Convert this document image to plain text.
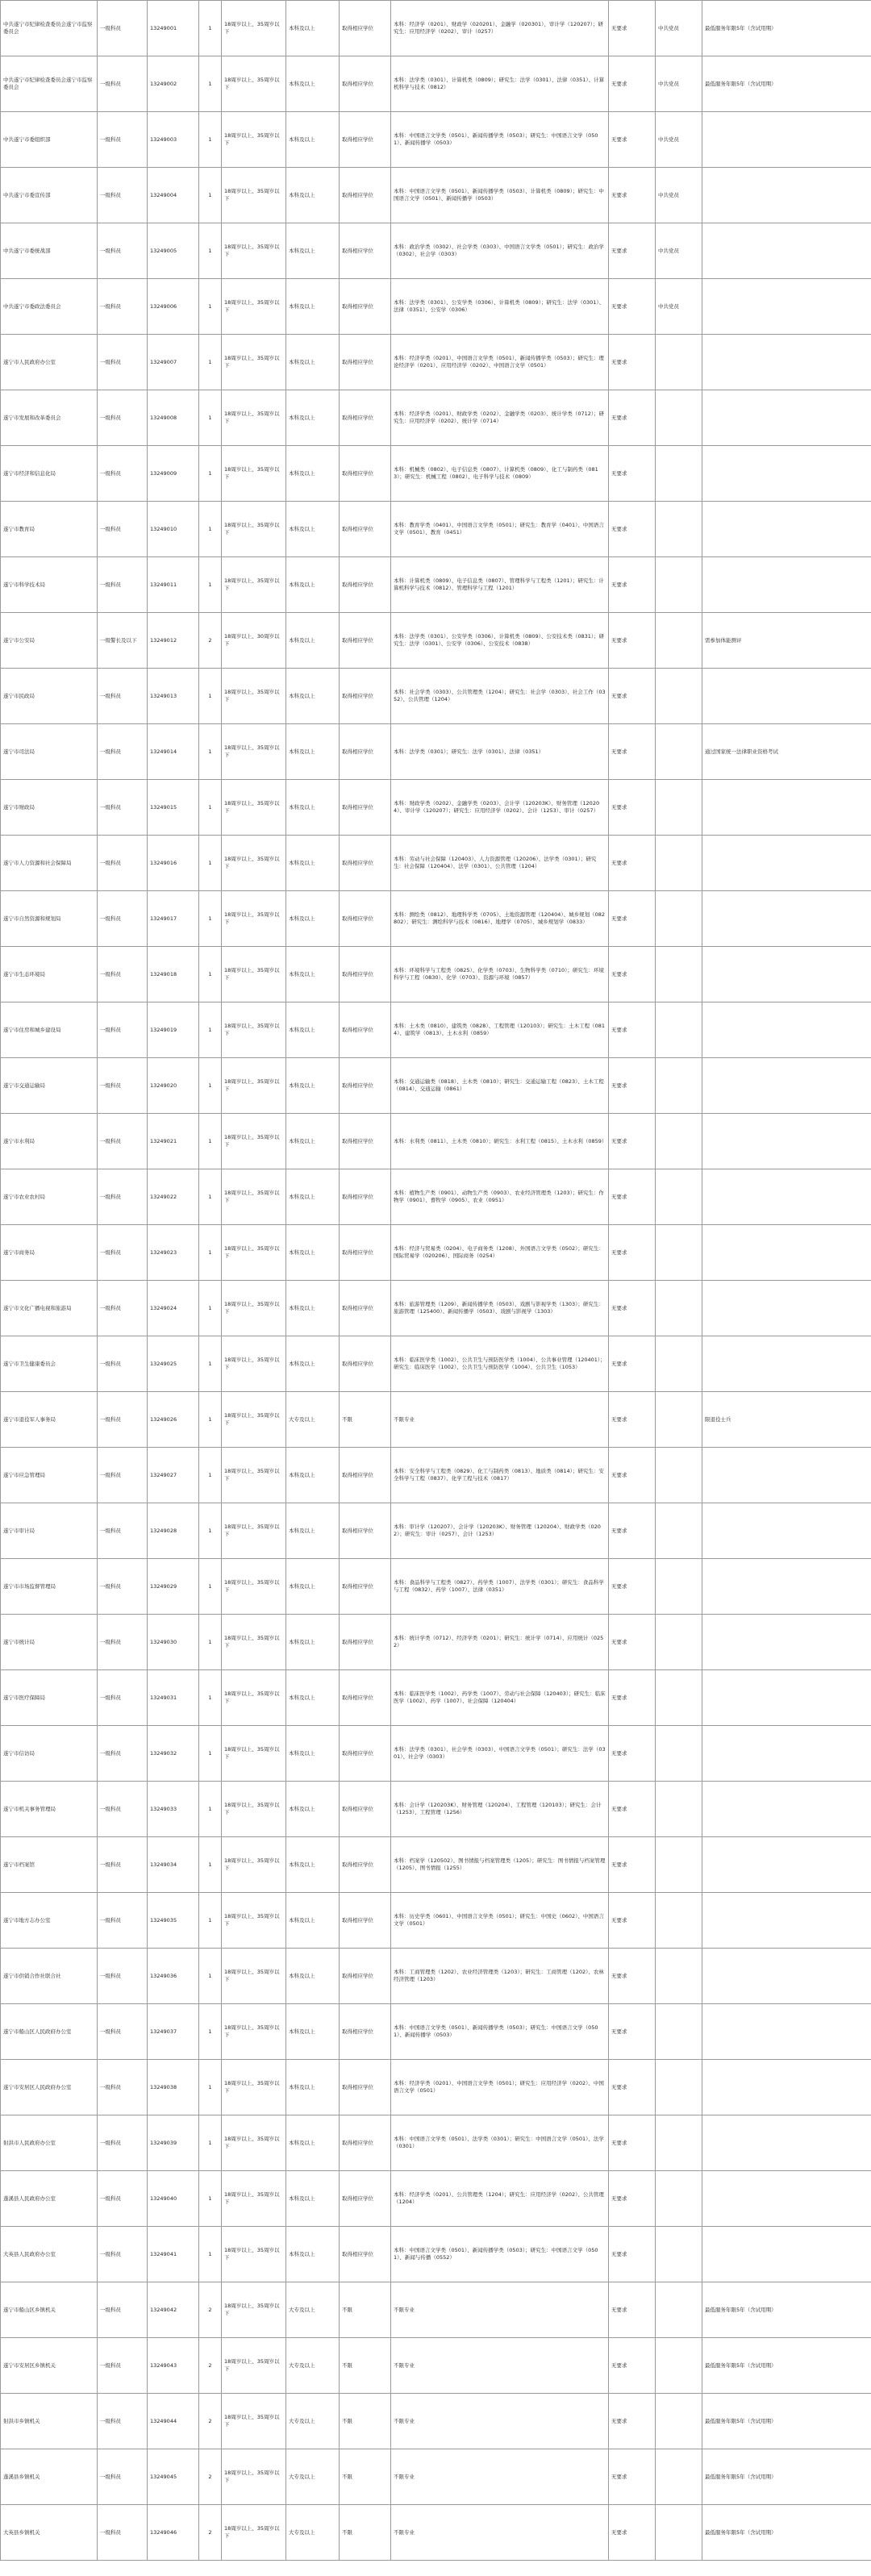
中共遂宁市纪律检查委员会遂宁市监察委员会	一级科员	13249001	1	18周岁以上、35周岁以下	本科及以上	取得相应学位	本科：经济学（0201）、财政学（020201）、金融学（020301）、审计学（120207）；研究生：应用经济学（0202）、审计（0257）	无要求	中共党员	最低服务年限5年（含试用期）
中共遂宁市纪律检查委员会遂宁市监察委员会	一级科员	13249002	1	18周岁以上、35周岁以下	本科及以上	取得相应学位	本科：法学类（0301）、计算机类（0809）；研究生：法学（0301）、法律（0351）、计算机科学与技术（0812）	无要求	中共党员	最低服务年限5年（含试用期）
中共遂宁市委组织部	一级科员	13249003	1	18周岁以上、35周岁以下	本科及以上	取得相应学位	本科：中国语言文学类（0501）、新闻传播学类（0503）；研究生：中国语言文学（0501）、新闻传播学（0503）	无要求	中共党员	
中共遂宁市委宣传部	一级科员	13249004	1	18周岁以上、35周岁以下	本科及以上	取得相应学位	本科：中国语言文学类（0501）、新闻传播学类（0503）、计算机类（0809）；研究生：中国语言文学（0501）、新闻传播学（0503）	无要求	中共党员	
中共遂宁市委统战部	一级科员	13249005	1	18周岁以上、35周岁以下	本科及以上	取得相应学位	本科：政治学类（0302）、社会学类（0303）、中国语言文学类（0501）；研究生：政治学（0302）、社会学（0303）	无要求	中共党员	
中共遂宁市委政法委员会	一级科员	13249006	1	18周岁以上、35周岁以下	本科及以上	取得相应学位	本科：法学类（0301）、公安学类（0306）、计算机类（0809）；研究生：法学（0301）、法律（0351）、公安学（0306）	无要求	中共党员	
遂宁市人民政府办公室	一级科员	13249007	1	18周岁以上、35周岁以下	本科及以上	取得相应学位	本科：经济学类（0201）、中国语言文学类（0501）、新闻传播学类（0503）；研究生：理论经济学（0201）、应用经济学（0202）、中国语言文学（0501）	无要求		
遂宁市发展和改革委员会	一级科员	13249008	1	18周岁以上、35周岁以下	本科及以上	取得相应学位	本科：经济学类（0201）、财政学类（0202）、金融学类（0203）、统计学类（0712）；研究生：应用经济学（0202）、统计学（0714）	无要求		
遂宁市经济和信息化局	一级科员	13249009	1	18周岁以上、35周岁以下	本科及以上	取得相应学位	本科：机械类（0802）、电子信息类（0807）、计算机类（0809）、化工与制药类（0813）；研究生：机械工程（0802）、电子科学与技术（0809）	无要求		
遂宁市教育局	一级科员	13249010	1	18周岁以上、35周岁以下	本科及以上	取得相应学位	本科：教育学类（0401）、中国语言文学类（0501）；研究生：教育学（0401）、中国语言文学（0501）、教育（0451）	无要求		
遂宁市科学技术局	一级科员	13249011	1	18周岁以上、35周岁以下	本科及以上	取得相应学位	本科：计算机类（0809）、电子信息类（0807）、管理科学与工程类（1201）；研究生：计算机科学与技术（0812）、管理科学与工程（1201）	无要求		
遂宁市公安局	一级警长及以下	13249012	2	18周岁以上、30周岁以下	本科及以上	取得相应学位	本科：法学类（0301）、公安学类（0306）、计算机类（0809）、公安技术类（0831）；研究生：法学（0301）、公安学（0306）、公安技术（0838）	无要求		需参加体能测评
遂宁市民政局	一级科员	13249013	1	18周岁以上、35周岁以下	本科及以上	取得相应学位	本科：社会学类（0303）、公共管理类（1204）；研究生：社会学（0303）、社会工作（0352）、公共管理（1204）	无要求		
遂宁市司法局	一级科员	13249014	1	18周岁以上、35周岁以下	本科及以上	取得相应学位	本科：法学类（0301）；研究生：法学（0301）、法律（0351）	无要求		通过国家统一法律职业资格考试
遂宁市财政局	一级科员	13249015	1	18周岁以上、35周岁以下	本科及以上	取得相应学位	本科：财政学类（0202）、金融学类（0203）、会计学（120203K）、财务管理（120204）、审计学（120207）；研究生：应用经济学（0202）、会计（1253）、审计（0257）	无要求		
遂宁市人力资源和社会保障局	一级科员	13249016	1	18周岁以上、35周岁以下	本科及以上	取得相应学位	本科：劳动与社会保障（120403）、人力资源管理（120206）、法学类（0301）；研究生：社会保障（120404）、法学（0301）、公共管理（1204）	无要求		
遂宁市自然资源和规划局	一级科员	13249017	1	18周岁以上、35周岁以下	本科及以上	取得相应学位	本科：测绘类（0812）、地理科学类（0705）、土地资源管理（120404）、城乡规划（082802）；研究生：测绘科学与技术（0816）、地理学（0705）、城乡规划学（0833）	无要求		
遂宁市生态环境局	一级科员	13249018	1	18周岁以上、35周岁以下	本科及以上	取得相应学位	本科：环境科学与工程类（0825）、化学类（0703）、生物科学类（0710）；研究生：环境科学与工程（0830）、化学（0703）、资源与环境（0857）	无要求		
遂宁市住房和城乡建设局	一级科员	13249019	1	18周岁以上、35周岁以下	本科及以上	取得相应学位	本科：土木类（0810）、建筑类（0828）、工程管理（120103）；研究生：土木工程（0814）、建筑学（0813）、土木水利（0859）	无要求		
遂宁市交通运输局	一级科员	13249020	1	18周岁以上、35周岁以下	本科及以上	取得相应学位	本科：交通运输类（0818）、土木类（0810）；研究生：交通运输工程（0823）、土木工程（0814）、交通运输（0861）	无要求		
遂宁市水利局	一级科员	13249021	1	18周岁以上、35周岁以下	本科及以上	取得相应学位	本科：水利类（0811）、土木类（0810）；研究生：水利工程（0815）、土木水利（0859）	无要求		
遂宁市农业农村局	一级科员	13249022	1	18周岁以上、35周岁以下	本科及以上	取得相应学位	本科：植物生产类（0901）、动物生产类（0903）、农业经济管理类（1203）；研究生：作物学（0901）、畜牧学（0905）、农业（0951）	无要求		
遂宁市商务局	一级科员	13249023	1	18周岁以上、35周岁以下	本科及以上	取得相应学位	本科：经济与贸易类（0204）、电子商务类（1208）、外国语言文学类（0502）；研究生：国际贸易学（020206）、国际商务（0254）	无要求		
遂宁市文化广播电视和旅游局	一级科员	13249024	1	18周岁以上、35周岁以下	本科及以上	取得相应学位	本科：旅游管理类（1209）、新闻传播学类（0503）、戏剧与影视学类（1303）；研究生：旅游管理（125400）、新闻传播学（0503）、戏剧与影视学（1303）	无要求		
遂宁市卫生健康委员会	一级科员	13249025	1	18周岁以上、35周岁以下	本科及以上	取得相应学位	本科：临床医学类（1002）、公共卫生与预防医学类（1004）、公共事业管理（120401）；研究生：临床医学（1002）、公共卫生与预防医学（1004）、公共卫生（1053）	无要求		
遂宁市退役军人事务局	一级科员	13249026	1	18周岁以上、35周岁以下	大专及以上	不限	不限专业	无要求		限退役士兵
遂宁市应急管理局	一级科员	13249027	1	18周岁以上、35周岁以下	本科及以上	取得相应学位	本科：安全科学与工程类（0829）、化工与制药类（0813）、地质类（0814）；研究生：安全科学与工程（0837）、化学工程与技术（0817）	无要求		
遂宁市审计局	一级科员	13249028	1	18周岁以上、35周岁以下	本科及以上	取得相应学位	本科：审计学（120207）、会计学（120203K）、财务管理（120204）、财政学类（0202）；研究生：审计（0257）、会计（1253）	无要求		
遂宁市市场监督管理局	一级科员	13249029	1	18周岁以上、35周岁以下	本科及以上	取得相应学位	本科：食品科学与工程类（0827）、药学类（1007）、法学类（0301）；研究生：食品科学与工程（0832）、药学（1007）、法律（0351）	无要求		
遂宁市统计局	一级科员	13249030	1	18周岁以上、35周岁以下	本科及以上	取得相应学位	本科：统计学类（0712）、经济学类（0201）；研究生：统计学（0714）、应用统计（0252）	无要求		
遂宁市医疗保障局	一级科员	13249031	1	18周岁以上、35周岁以下	本科及以上	取得相应学位	本科：临床医学类（1002）、药学类（1007）、劳动与社会保障（120403）；研究生：临床医学（1002）、药学（1007）、社会保障（120404）	无要求		
遂宁市信访局	一级科员	13249032	1	18周岁以上、35周岁以下	本科及以上	取得相应学位	本科：法学类（0301）、社会学类（0303）、中国语言文学类（0501）；研究生：法学（0301）、社会学（0303）	无要求		
遂宁市机关事务管理局	一级科员	13249033	1	18周岁以上、35周岁以下	本科及以上	取得相应学位	本科：会计学（120203K）、财务管理（120204）、工程管理（120103）；研究生：会计（1253）、工程管理（1256）	无要求		
遂宁市档案馆	一级科员	13249034	1	18周岁以上、35周岁以下	本科及以上	取得相应学位	本科：档案学（120502）、图书情报与档案管理类（1205）；研究生：图书情报与档案管理（1205）、图书情报（1255）	无要求		
遂宁市地方志办公室	一级科员	13249035	1	18周岁以上、35周岁以下	本科及以上	取得相应学位	本科：历史学类（0601）、中国语言文学类（0501）；研究生：中国史（0602）、中国语言文学（0501）	无要求		
遂宁市供销合作社联合社	一级科员	13249036	1	18周岁以上、35周岁以下	本科及以上	取得相应学位	本科：工商管理类（1202）、农业经济管理类（1203）；研究生：工商管理（1202）、农林经济管理（1203）	无要求		
遂宁市船山区人民政府办公室	一级科员	13249037	1	18周岁以上、35周岁以下	本科及以上	取得相应学位	本科：中国语言文学类（0501）、新闻传播学类（0503）；研究生：中国语言文学（0501）、新闻传播学（0503）	无要求		
遂宁市安居区人民政府办公室	一级科员	13249038	1	18周岁以上、35周岁以下	本科及以上	取得相应学位	本科：经济学类（0201）、中国语言文学类（0501）；研究生：应用经济学（0202）、中国语言文学（0501）	无要求		
射洪市人民政府办公室	一级科员	13249039	1	18周岁以上、35周岁以下	本科及以上	取得相应学位	本科：中国语言文学类（0501）、法学类（0301）；研究生：中国语言文学（0501）、法学（0301）	无要求		
蓬溪县人民政府办公室	一级科员	13249040	1	18周岁以上、35周岁以下	本科及以上	取得相应学位	本科：经济学类（0201）、公共管理类（1204）；研究生：应用经济学（0202）、公共管理（1204）	无要求		
大英县人民政府办公室	一级科员	13249041	1	18周岁以上、35周岁以下	本科及以上	取得相应学位	本科：中国语言文学类（0501）、新闻传播学类（0503）；研究生：中国语言文学（0501）、新闻与传播（0552）	无要求		
遂宁市船山区乡镇机关	一级科员	13249042	2	18周岁以上、35周岁以下	大专及以上	不限	不限专业	无要求		最低服务年限5年（含试用期）
遂宁市安居区乡镇机关	一级科员	13249043	2	18周岁以上、35周岁以下	大专及以上	不限	不限专业	无要求		最低服务年限5年（含试用期）
射洪市乡镇机关	一级科员	13249044	2	18周岁以上、35周岁以下	大专及以上	不限	不限专业	无要求		最低服务年限5年（含试用期）
蓬溪县乡镇机关	一级科员	13249045	2	18周岁以上、35周岁以下	大专及以上	不限	不限专业	无要求		最低服务年限5年（含试用期）
大英县乡镇机关	一级科员	13249046	2	18周岁以上、35周岁以下	大专及以上	不限	不限专业	无要求		最低服务年限5年（含试用期）
